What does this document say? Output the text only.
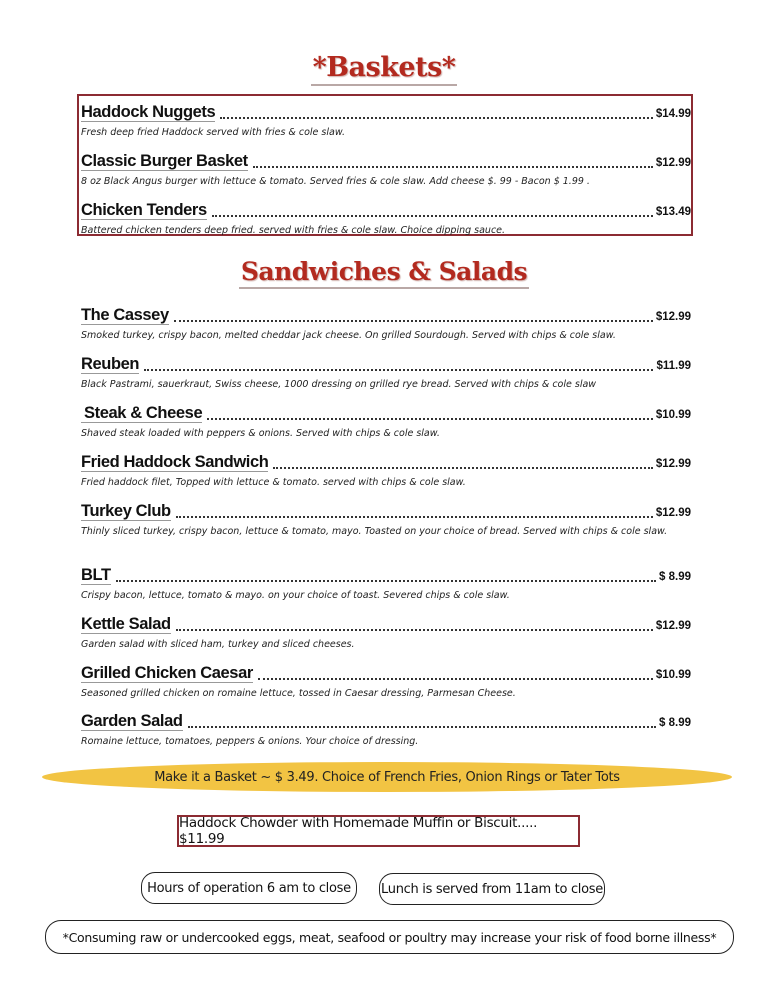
*Baskets*
Haddock Nuggets	$14.99
Fresh deep fried Haddock served with fries & cole slaw.
Classic Burger Basket	$12.99
8 oz Black Angus burger with lettuce & tomato. Served fries & cole slaw. Add cheese $. 99 - Bacon $ 1.99 .
Chicken Tenders	$13.49
Battered chicken tenders deep fried. served with fries & cole slaw. Choice dipping sauce.
Sandwiches & Salads
The Cassey	$12.99
Smoked turkey, crispy bacon, melted cheddar jack cheese. On grilled Sourdough. Served with chips & cole slaw.
Reuben	$11.99
Black Pastrami, sauerkraut, Swiss cheese, 1000 dressing on grilled rye bread. Served with chips & cole slaw
Steak & Cheese	$10.99
Shaved steak loaded with peppers & onions. Served with chips & cole slaw.
Fried Haddock Sandwich	$12.99
Fried haddock filet, Topped with lettuce & tomato. served with chips & cole slaw.
Turkey Club	$12.99
Thinly sliced turkey, crispy bacon, lettuce & tomato, mayo. Toasted on your choice of bread. Served with chips & cole slaw.
BLT	$ 8.99
Crispy bacon, lettuce, tomato & mayo. on your choice of toast. Severed chips & cole slaw.
Kettle Salad	$12.99
Garden salad with sliced ham, turkey and sliced cheeses.
Grilled Chicken Caesar	$10.99
Seasoned grilled chicken on romaine lettuce, tossed in Caesar dressing, Parmesan Cheese.
Garden Salad	$ 8.99
Romaine lettuce, tomatoes, peppers & onions. Your choice of dressing.
Make it a Basket ~ $ 3.49. Choice of French Fries, Onion Rings or Tater Tots
Haddock Chowder with Homemade Muffin or Biscuit..... $11.99
Hours of operation 6 am to close	Lunch is served from 11am to close
*Consuming raw or undercooked eggs, meat, seafood or poultry may increase your risk of food borne illness*
